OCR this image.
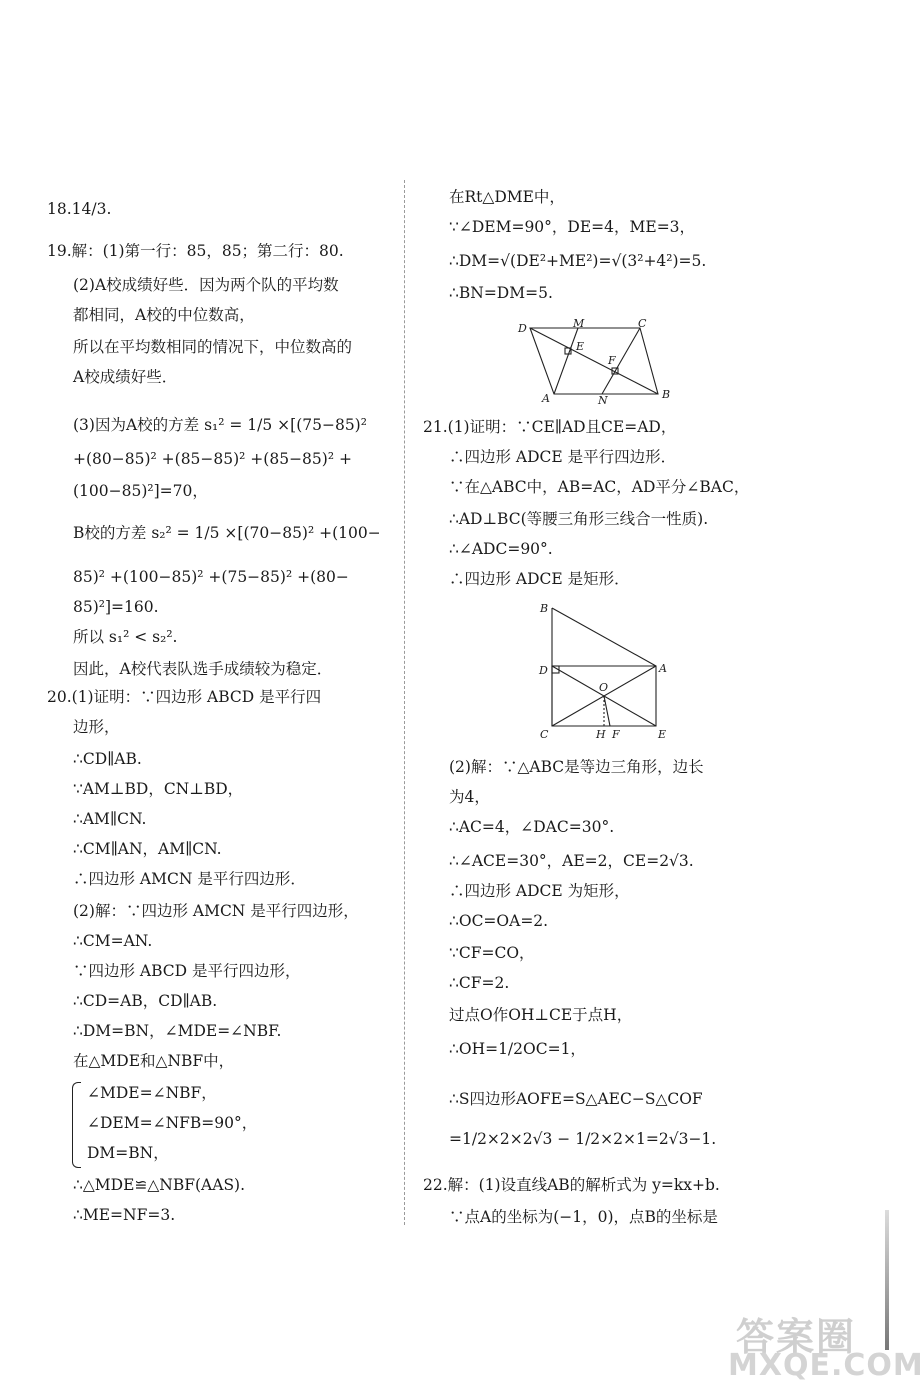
18.14/3.
19.解：(1)第一行：85，85；第二行：80.
(2)A校成绩好些．因为两个队的平均数
都相同，A校的中位数高，
所以在平均数相同的情况下，中位数高的
A校成绩好些．
(3)因为A校的方差 s₁² = 1/5 ×[(75−85)²
+(80−85)² +(85−85)² +(85−85)² +
(100−85)²]=70，
B校的方差 s₂² = 1/5 ×[(70−85)² +(100−
85)² +(100−85)² +(75−85)² +(80−
85)²]=160.
所以 s₁² < s₂².
因此，A校代表队选手成绩较为稳定．
20.(1)证明：∵四边形 ABCD 是平行四
边形，
∴CD∥AB.
∵AM⊥BD，CN⊥BD，
∴AM∥CN.
∴CM∥AN，AM∥CN.
∴四边形 AMCN 是平行四边形．
(2)解：∵四边形 AMCN 是平行四边形，
∴CM=AN.
∵四边形 ABCD 是平行四边形，
∴CD=AB，CD∥AB.
∴DM=BN，∠MDE=∠NBF.
在△MDE和△NBF中，
∠MDE=∠NBF，
∠DEM=∠NFB=90°，
DM=BN，
∴△MDE≌△NBF(AAS).
∴ME=NF=3.
在Rt△DME中，
∵∠DEM=90°，DE=4，ME=3，
∴DM=√(DE²+ME²)=√(3²+4²)=5.
∴BN=DM=5.
21.(1)证明：∵CE∥AD且CE=AD，
∴四边形 ADCE 是平行四边形．
∵在△ABC中，AB=AC，AD平分∠BAC，
∴AD⊥BC(等腰三角形三线合一性质).
∴∠ADC=90°.
∴四边形 ADCE 是矩形．
(2)解：∵△ABC是等边三角形，边长
为4，
∴AC=4，∠DAC=30°.
∴∠ACE=30°，AE=2，CE=2√3.
∴四边形 ADCE 为矩形，
∴OC=OA=2.
∵CF=CO，
∴CF=2.
过点O作OH⊥CE于点H，
∴OH=1/2OC=1，
∴S四边形AOFE=S△AEC−S△COF
=1/2×2×2√3 − 1/2×2×1=2√3−1.
22.解：(1)设直线AB的解析式为 y=kx+b.
∵点A的坐标为(−1，0)，点B的坐标是
D	M	C
E
F
A	N	B
B
D	A
O
C	H F	E
答案圈
MXQE.COM
